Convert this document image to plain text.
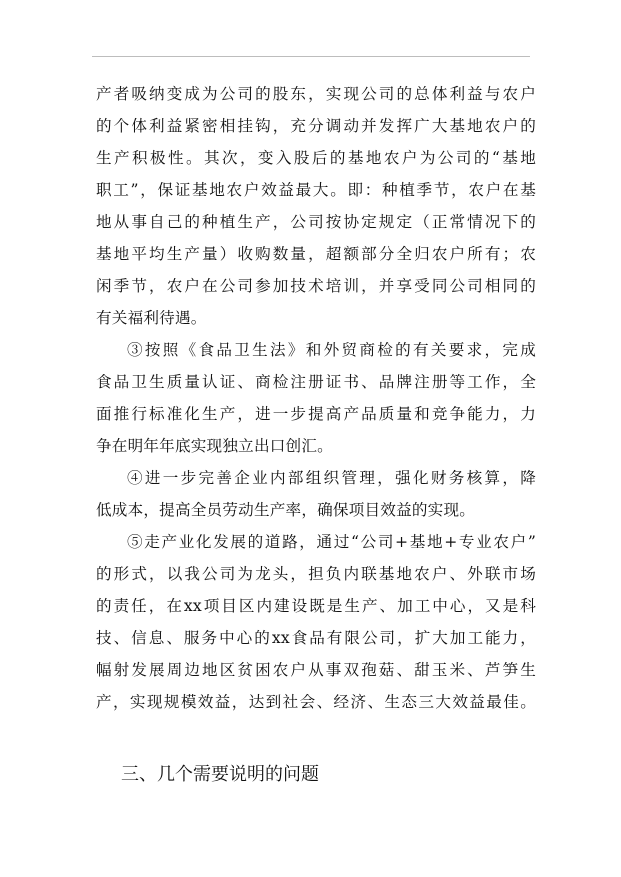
产者吸纳变成为公司的股东，实现公司的总体利益与农户
的个体利益紧密相挂钩，充分调动并发挥广大基地农户的
生产积极性。其次，变入股后的基地农户为公司的“基地
职工”，保证基地农户效益最大。即：种植季节，农户在基
地从事自己的种植生产，公司按协定规定（正常情况下的
基地平均生产量）收购数量，超额部分全归农户所有；农
闲季节，农户在公司参加技术培训，并享受同公司相同的
有关福利待遇。
③按照《食品卫生法》和外贸商检的有关要求，完成
食品卫生质量认证、商检注册证书、品牌注册等工作，全
面推行标准化生产，进一步提高产品质量和竞争能力，力
争在明年年底实现独立出口创汇。
④进一步完善企业内部组织管理，强化财务核算，降
低成本，提高全员劳动生产率，确保项目效益的实现。
⑤走产业化发展的道路，通过“公司+基地+专业农户”
的形式，以我公司为龙头，担负内联基地农户、外联市场
的责任，在xx项目区内建设既是生产、加工中心，又是科
技、信息、服务中心的xx食品有限公司，扩大加工能力，
幅射发展周边地区贫困农户从事双孢菇、甜玉米、芦笋生
产，实现规模效益，达到社会、经济、生态三大效益最佳。
三、几个需要说明的问题
